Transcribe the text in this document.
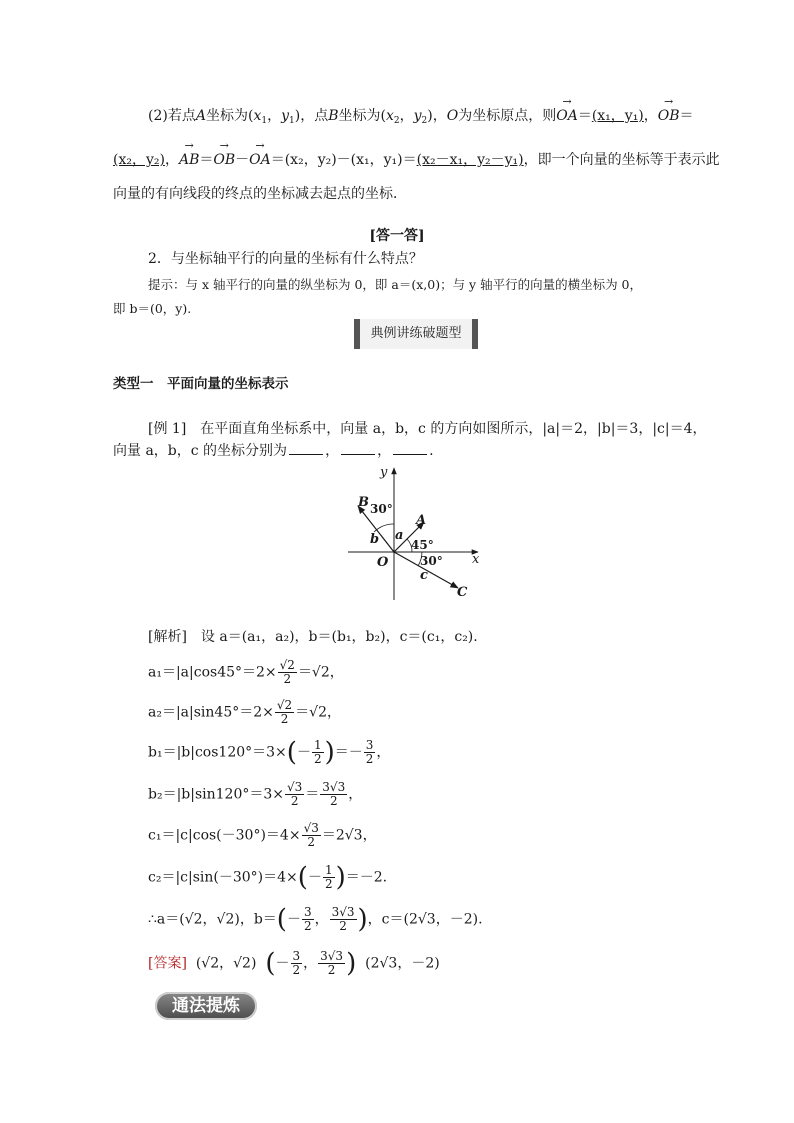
(2)若点A坐标为($x_1$，$y_1$)，点B坐标为($x_2$，$y_2$)，O为坐标原点，则→ OA＝(x₁，y₁)，→ OB＝
(x₂，y₂)，→ AB＝→ OB－→ OA＝(x₂，y₂)－(x₁，y₁)＝(x₂－x₁，y₂－y₁)，即一个向量的坐标等于表示此
向量的有向线段的终点的坐标减去起点的坐标．
[答一答]
2．与坐标轴平行的向量的坐标有什么特点？
提示：与 x 轴平行的向量的纵坐标为 0，即 a＝(x,0)；与 y 轴平行的向量的横坐标为 0，
即 b＝(0，y).
典例讲练破题型
类型一　平面向量的坐标表示
[例 1]　在平面直角坐标系中，向量 a，b，c 的方向如图所示，|a|＝2，|b|＝3，|c|＝4，
向量 a，b，c 的坐标分别为	，	，	.
y
x
O
A
B
C
a
b
c
30°
45°
30°
[解析]　设 a＝(a₁，a₂)，b＝(b₁，b₂)，c＝(c₁，c₂).
$a_1=|a|\cos 45^\circ=2\times \frac{√2}{2} =√2$，
$a_2=|a|\sin 45^\circ=2\times \frac{√2}{2} =√2$，
$b_1=|b|\cos 120^\circ=3\times(- \frac{1}{2}$ )＝－ $\frac{3}{2}$ ，
$b_2=|b|\sin 120^\circ=3\times \frac{√3}{2} = \frac{3√3}{2}$ ，
$c_1=|c|\cos(-30^\circ)=4\times \frac{√3}{2} =2√3$，
$c_2=|c|\sin(-30^\circ)=4\times(- \frac{1}{2} )=-2$.
∴a＝(√2，√2)，$b=(- \frac{3}{2}$ ， $\frac{3√3}{2}$ )，c＝(2√3，－2).
[答案] (√2，√2) (－ $\frac{3}{2}$ ， $\frac{3√3}{2}$ ) (2√3，－2)
通法提炼
